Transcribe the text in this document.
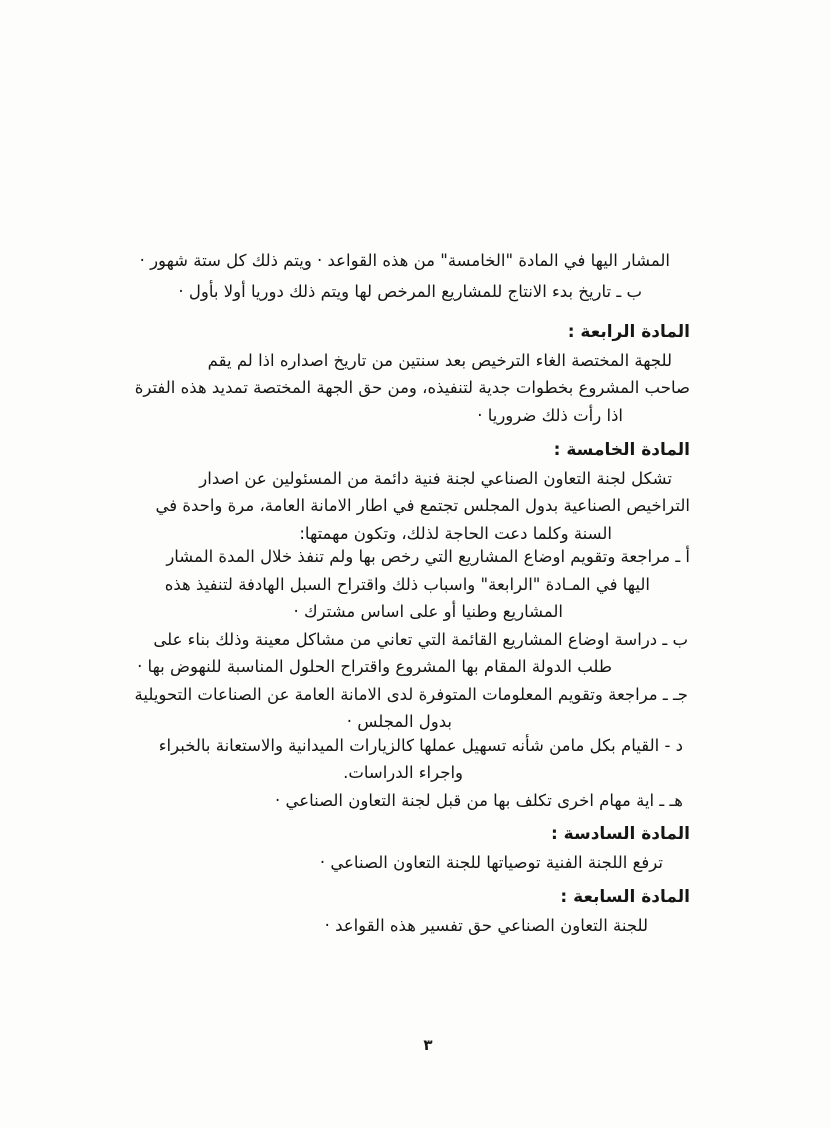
المشار اليها في المادة "الخامسة" من هذه القواعد · ويتم ذلك كل ستة شهور ·
ب ـ تاريخ بدء الانتاج للمشاريع المرخص لها ويتم ذلك دوريا أولا بأول ·
المادة الرابعة :
للجهة المختصة الغاء الترخيص بعد سنتين من تاريخ اصداره اذا لم يقم
صاحب المشروع بخطوات جدية لتنفيذه، ومن حق الجهة المختصة تمديد هذه الفترة
اذا رأت ذلك ضروريا ·
المادة الخامسة :
تشكل لجنة التعاون الصناعي لجنة فنية دائمة من المسئولين عن اصدار
التراخيص الصناعية بدول المجلس تجتمع في اطار الامانة العامة، مرة واحدة في
السنة وكلما دعت الحاجة لذلك، وتكون مهمتها:
أ ـ مراجعة وتقويم اوضاع المشاريع التي رخص بها ولم تنفذ خلال المدة المشار
اليها في المـادة "الرابعة" واسباب ذلك واقتراح السبل الهادفة لتنفيذ هذه
المشاريع وطنيا أو على اساس مشترك ·
ب ـ دراسة اوضاع المشاريع القائمة التي تعاني من مشاكل معينة وذلك بناء على
طلب الدولة المقام بها المشروع واقتراح الحلول المناسبة للنهوض بها ·
جـ ـ مراجعة وتقويم المعلومات المتوفرة لدى الامانة العامة عن الصناعات التحويلية
بدول المجلس ·
د - القيام بكل مامن شأنه تسهيل عملها كالزيارات الميدانية والاستعانة بالخبراء
واجراء الدراسات.
هـ ـ اية مهام اخرى تكلف بها من قبل لجنة التعاون الصناعي ·
المادة السادسة :
ترفع اللجنة الفنية توصياتها للجنة التعاون الصناعي ·
المادة السابعة :
للجنة التعاون الصناعي حق تفسير هذه القواعد ·
٣
